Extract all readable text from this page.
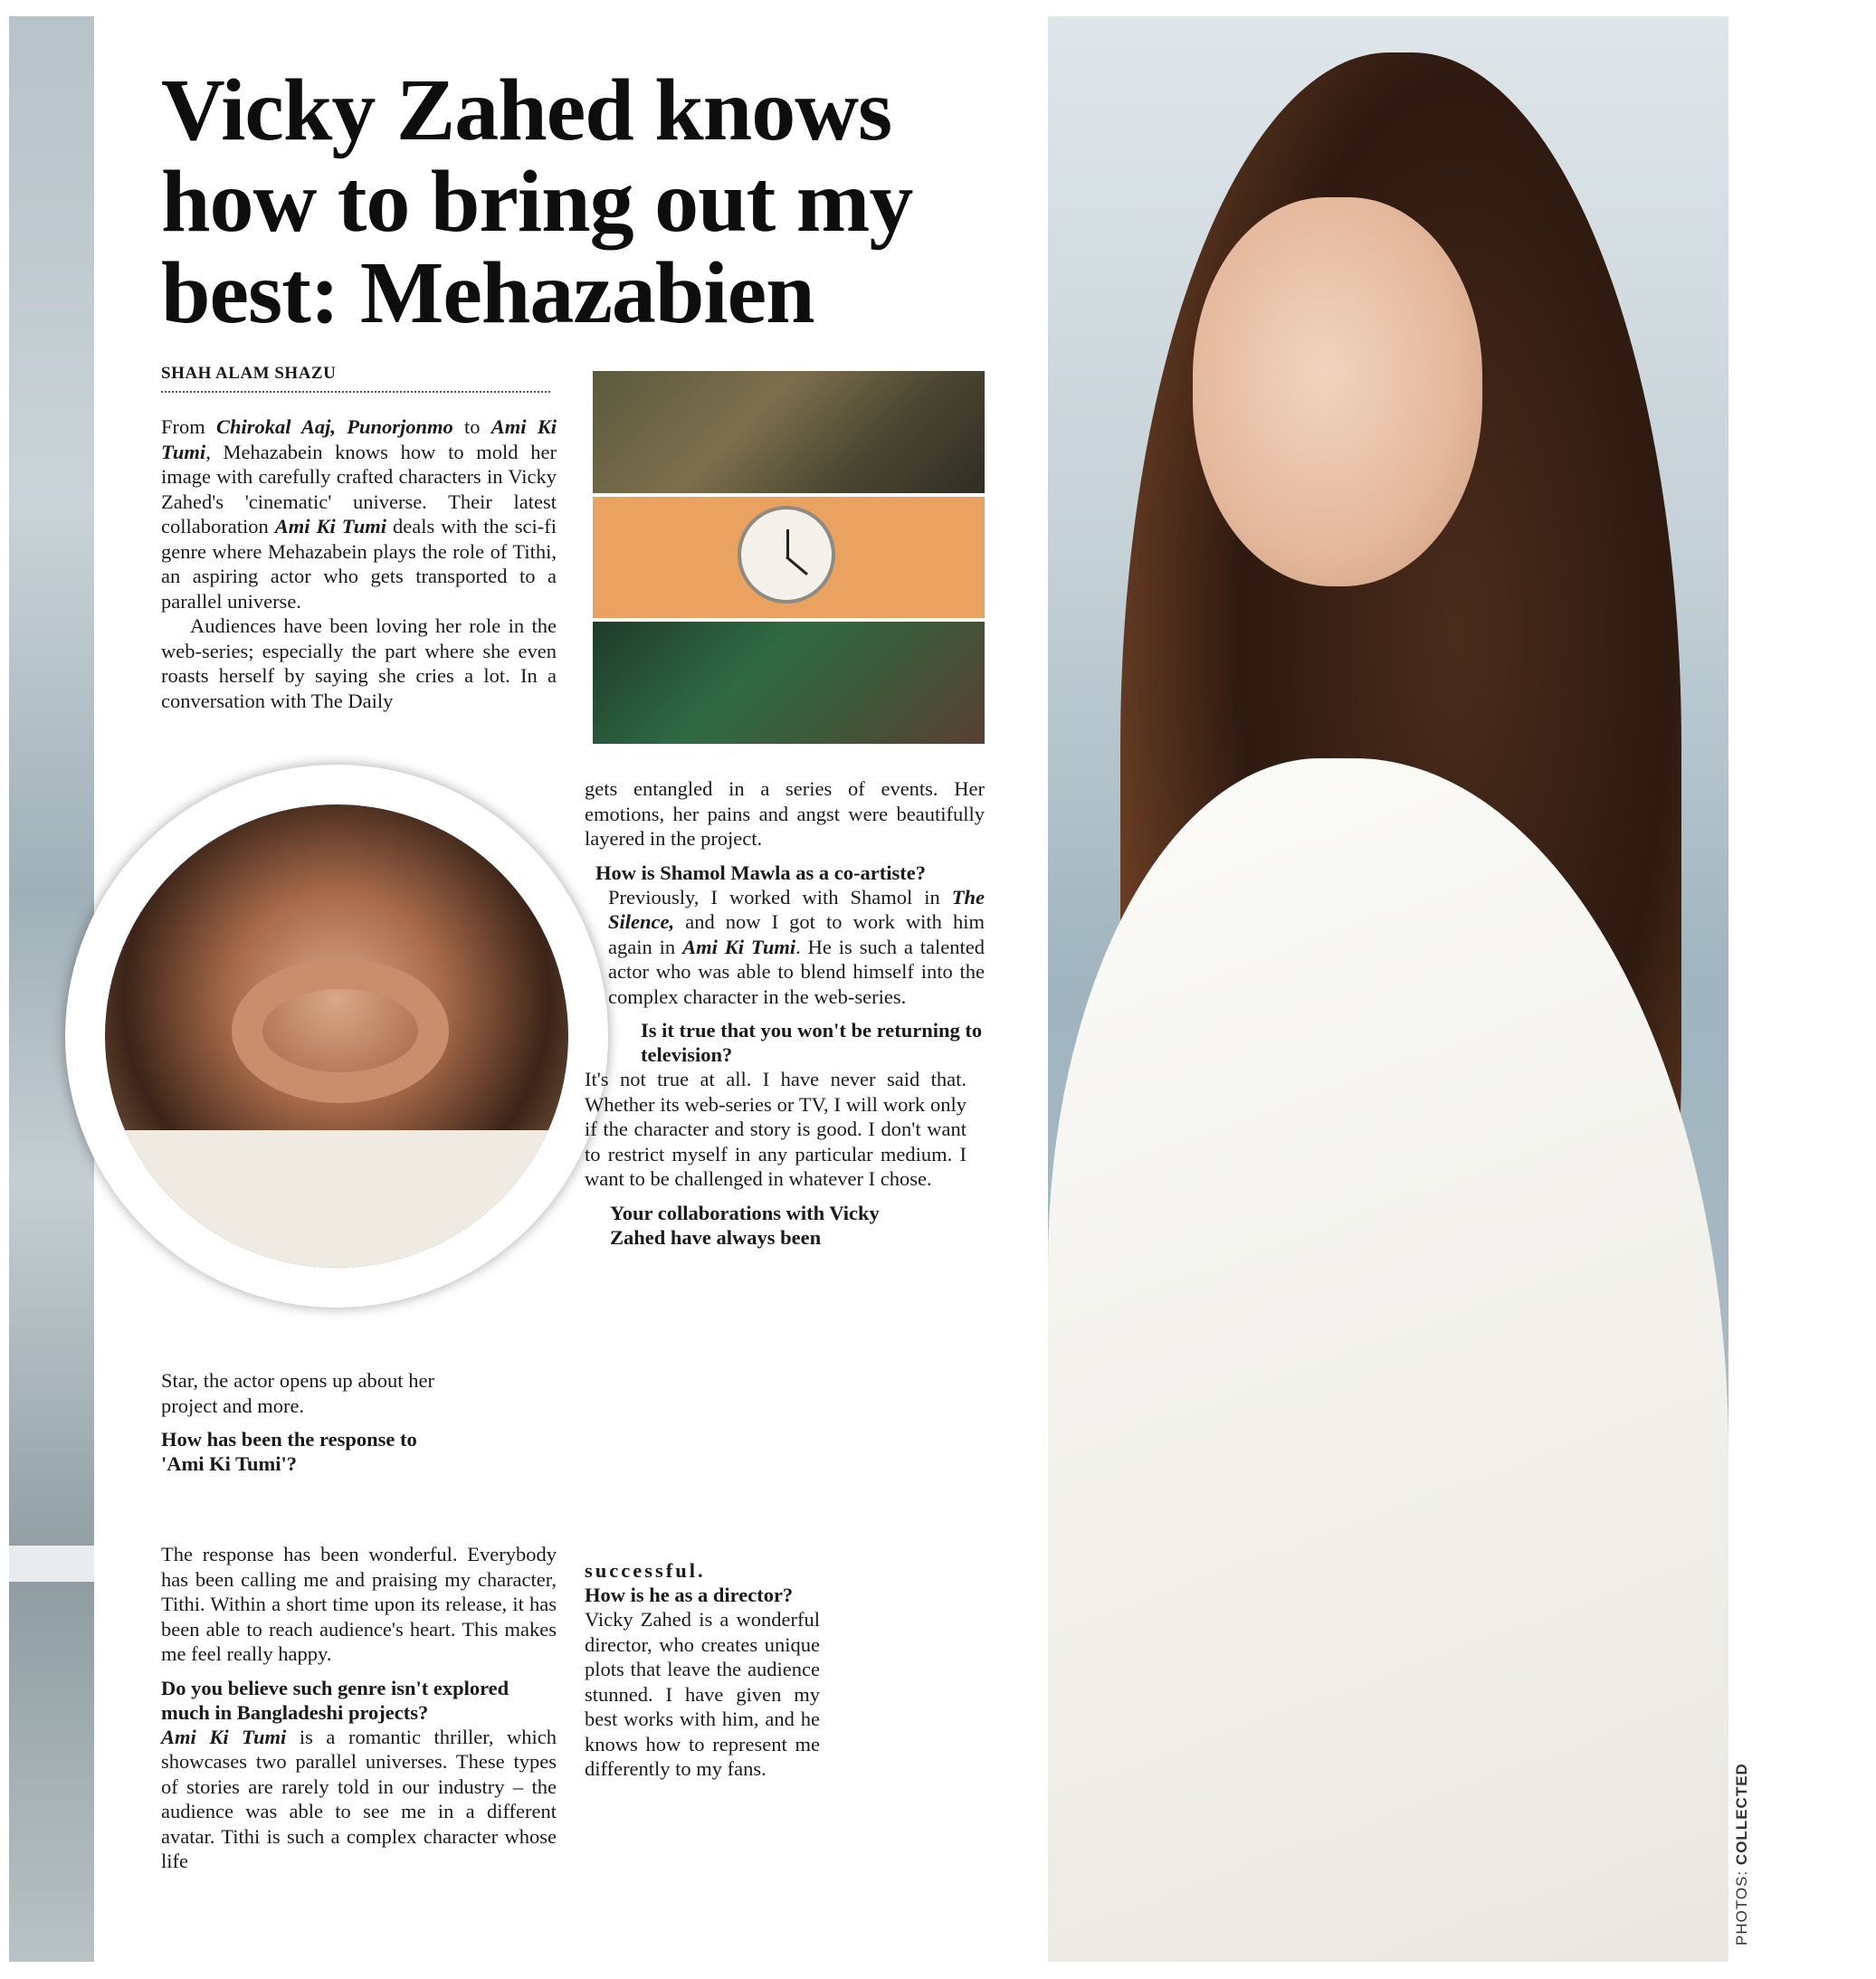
PHOTOS: COLLECTED
Vicky Zahed knows how to bring out my best: Mehazabien
SHAH ALAM SHAZU

From Chirokal Aaj, Punorjonmo to Ami Ki Tumi, Mehazabein knows how to mold her image with carefully crafted characters in Vicky Zahed's 'cinematic' universe. Their latest collaboration Ami Ki Tumi deals with the sci-fi genre where Mehazabein plays the role of Tithi, an aspiring actor who gets transported to a parallel universe.

Audiences have been loving her role in the web-series; especially the part where she even roasts herself by saying she cries a lot. In a conversation with The Daily

Star, the actor opens up about her project and more.

How has been the response to 'Ami Ki Tumi'?

The response has been wonderful. Everybody has been calling me and praising my character, Tithi. Within a short time upon its release, it has been able to reach audience's heart. This makes me feel really happy.

Do you believe such genre isn't explored much in Bangladeshi projects?

Ami Ki Tumi is a romantic thriller, which showcases two parallel universes. These types of stories are rarely told in our industry – the audience was able to see me in a different avatar. Tithi is such a complex character whose life

gets entangled in a series of events. Her emotions, her pains and angst were beautifully layered in the project.

How is Shamol Mawla as a co-artiste?

Previously, I worked with Shamol in The Silence, and now I got to work with him again in Ami Ki Tumi. He is such a talented actor who was able to blend himself into the complex character in the web-series.

Is it true that you won't be returning to television?

It's not true at all. I have never said that. Whether its web-series or TV, I will work only if the character and story is good. I don't want to restrict myself in any particular medium. I want to be challenged in whatever I chose.

Your collaborations with Vicky Zahed have always been
successful.
How is he as a director?

Vicky Zahed is a wonderful director, who creates unique plots that leave the audience stunned. I have given my best works with him, and he knows how to represent me differently to my fans.
